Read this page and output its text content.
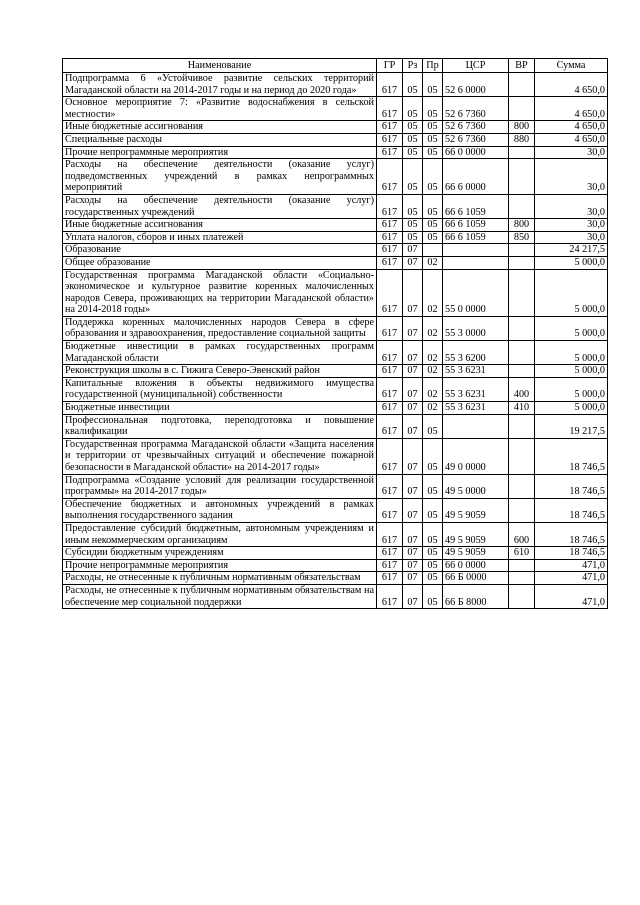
Наименование	ГР	Рз	Пр	ЦСР	ВР	Сумма
Подпрограмма 6 «Устойчивое развитие сельских территорий Магаданской области на 2014-2017 годы и на период до 2020 года»	617	05	05	52 6 0000		4 650,0
Основное мероприятие 7: «Развитие водоснабжения в сельской местности»	617	05	05	52 6 7360		4 650,0
Иные бюджетные ассигнования	617	05	05	52 6 7360	800	4 650,0
Специальные расходы	617	05	05	52 6 7360	880	4 650,0
Прочие непрограммные мероприятия	617	05	05	66 0 0000		30,0
Расходы на обеспечение деятельности (оказание услуг) подведомственных учреждений в рамках непрограммных мероприятий	617	05	05	66 6 0000		30,0
Расходы на обеспечение деятельности (оказание услуг) государственных учреждений	617	05	05	66 6 1059		30,0
Иные бюджетные ассигнования	617	05	05	66 6 1059	800	30,0
Уплата налогов, сборов и иных платежей	617	05	05	66 6 1059	850	30,0
Образование	617	07				24 217,5
Общее образование	617	07	02			5 000,0
Государственная программа Магаданской области «Социально-экономическое и культурное развитие коренных малочисленных народов Севера, проживающих на территории Магаданской области» на 2014-2018 годы»	617	07	02	55 0 0000		5 000,0
Поддержка коренных малочисленных народов Севера в сфере образования и здравоохранения, предоставление социальной защиты	617	07	02	55 3 0000		5 000,0
Бюджетные инвестиции в рамках государственных программ Магаданской области	617	07	02	55 3 6200		5 000,0
Реконструкция школы в с. Гижига Северо-Эвенский район	617	07	02	55 3 6231		5 000,0
Капитальные вложения в объекты недвижимого имущества государственной (муниципальной) собственности	617	07	02	55 3 6231	400	5 000,0
Бюджетные инвестиции	617	07	02	55 3 6231	410	5 000,0
Профессиональная подготовка, переподготовка и повышение квалификации	617	07	05			19 217,5
Государственная программа Магаданской области «Защита населения и территории от чрезвычайных ситуаций и обеспечение пожарной безопасности в Магаданской области» на 2014-2017 годы»	617	07	05	49 0 0000		18 746,5
Подпрограмма «Создание условий для реализации государственной программы» на 2014-2017 годы»	617	07	05	49 5 0000		18 746,5
Обеспечение бюджетных и автономных учреждений в рамках выполнения государственного задания	617	07	05	49 5 9059		18 746,5
Предоставление субсидий бюджетным, автономным учреждениям и иным некоммерческим организациям	617	07	05	49 5 9059	600	18 746,5
Субсидии бюджетным учреждениям	617	07	05	49 5 9059	610	18 746,5
Прочие непрограммные мероприятия	617	07	05	66 0 0000		471,0
Расходы, не отнесенные к публичным нормативным обязательствам	617	07	05	66 Б 0000		471,0
Расходы, не отнесенные к публичным нормативным обязательствам на обеспечение мер социальной поддержки	617	07	05	66 Б 8000		471,0
